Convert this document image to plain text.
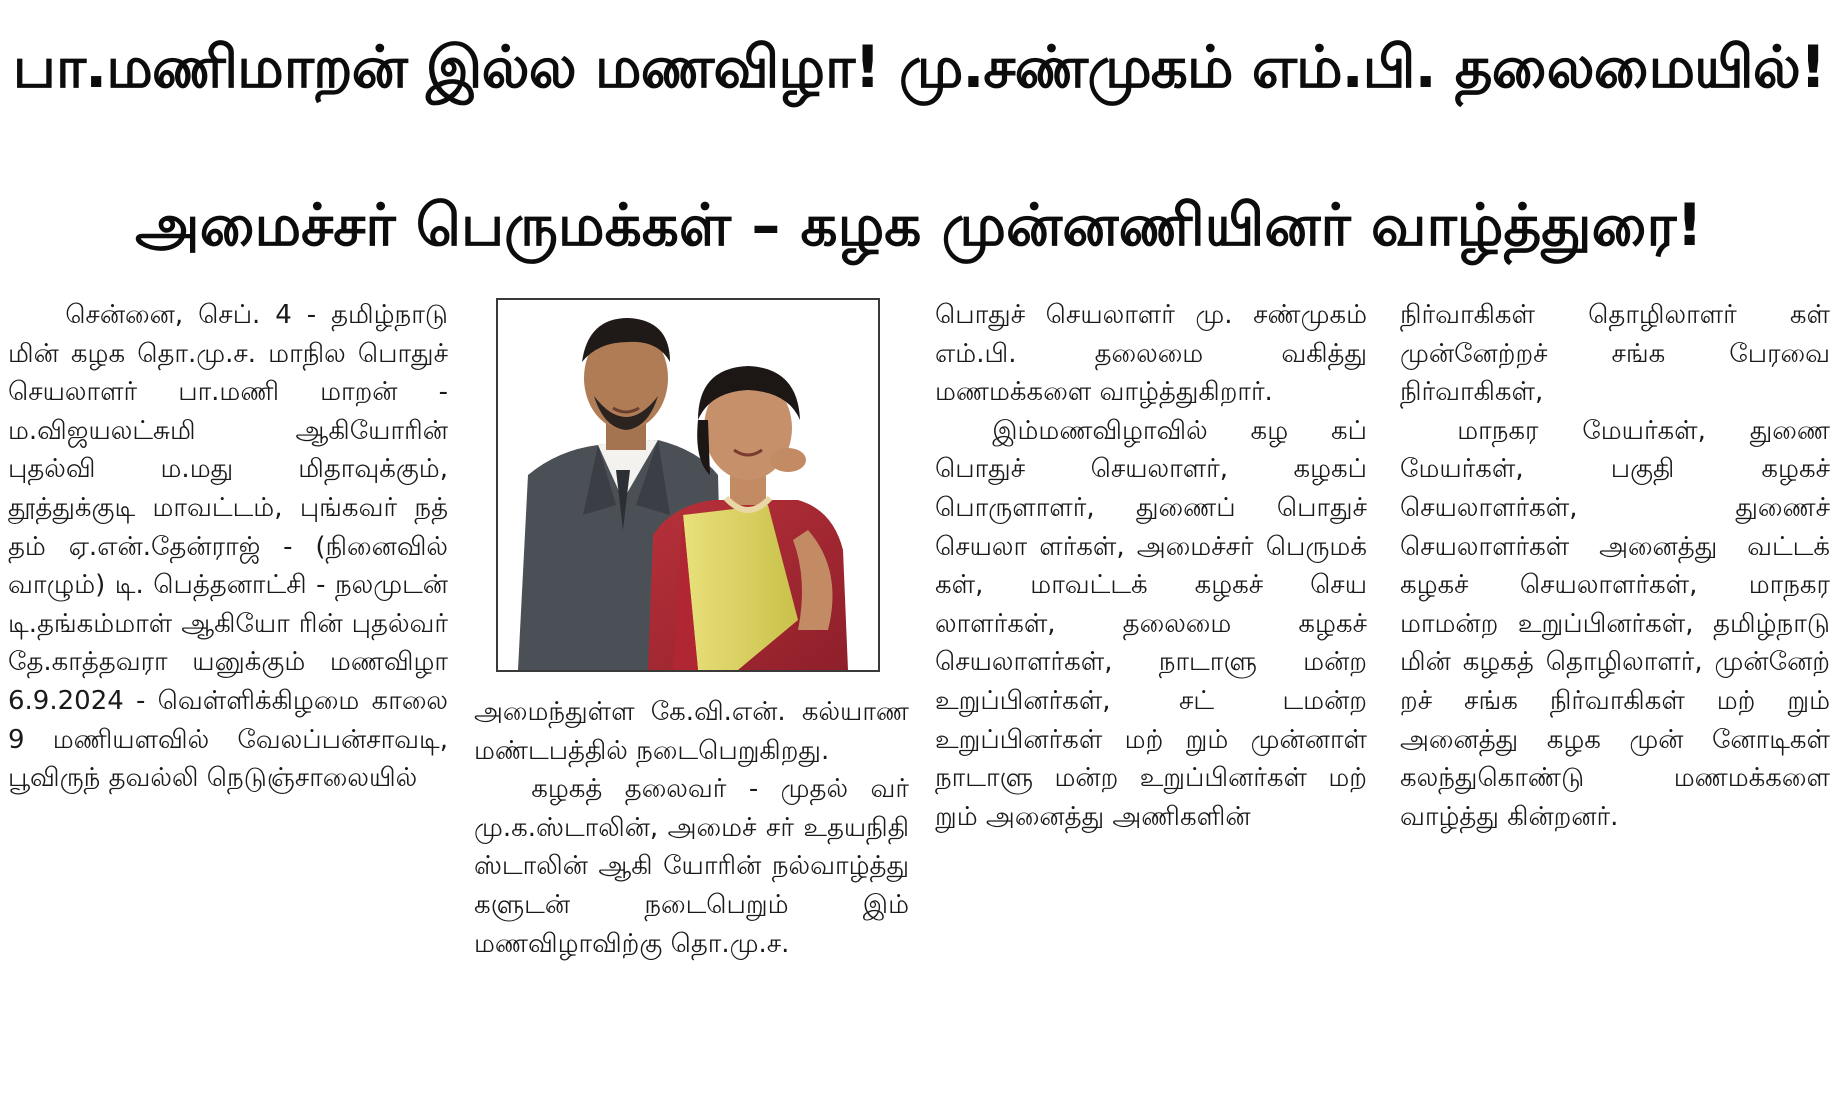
பா.மணிமாறன் இல்ல மணவிழா! மு.சண்முகம் எம்.பி. தலைமையில்!
அமைச்சர் பெருமக்கள் – கழக முன்னணியினர் வாழ்த்துரை!

சென்னை, செப். 4 - தமிழ்நாடு மின் கழக தொ.மு.ச. மாநில பொதுச் செயலாளர் பா.மணி மாறன் - ம.விஜயலட்சுமி ஆகியோரின் புதல்வி ம.மது மிதாவுக்கும், தூத்துக்குடி மாவட்டம், புங்கவர் நத் தம் ஏ.என்.தேன்ராஜ் - (நினைவில் வாழும்) டி. பெத்தனாட்சி - நலமுடன் டி.தங்கம்மாள் ஆகியோ ரின் புதல்வர் தே.காத்தவரா யனுக்கும் மணவிழா 6.9.2024 - வெள்ளிக்கிழமை காலை 9 மணியளவில் வேலப்பன்சாவடி, பூவிருந் தவல்லி நெடுஞ்சாலையில்

அமைந்துள்ள கே.வி.என். கல்யாண மண்டபத்தில் நடைபெறுகிறது.

கழகத் தலைவர் - முதல் வர் மு.க.ஸ்டாலின், அமைச் சர் உதயநிதி ஸ்டாலின் ஆகி யோரின் நல்வாழ்த்து களுடன் நடைபெறும் இம் மணவிழாவிற்கு தொ.மு.ச.

பொதுச் செயலாளர் மு. சண்முகம் எம்.பி. தலைமை வகித்து மணமக்களை வாழ்த்துகிறார்.

இம்மணவிழாவில் கழ கப் பொதுச் செயலாளர், கழகப் பொருளாளர், துணைப் பொதுச் செயலா ளர்கள், அமைச்சர் பெருமக் கள், மாவட்டக் கழகச் செய லாளர்கள், தலைமை கழகச் செயலாளர்கள், நாடாளு மன்ற உறுப்பினர்கள், சட் டமன்ற உறுப்பினர்கள் மற் றும் முன்னாள் நாடாளு மன்ற உறுப்பினர்கள் மற் றும் அனைத்து அணிகளின்

நிர்வாகிகள் தொழிலாளர் கள் முன்னேற்றச் சங்க பேரவை நிர்வாகிகள்,

மாநகர மேயர்கள், துணை மேயர்கள், பகுதி கழகச் செயலாளர்கள், துணைச் செயலாளர்கள் அனைத்து வட்டக் கழகச் செயலாளர்கள், மாநகர மாமன்ற உறுப்பினர்கள், தமிழ்நாடு மின் கழகத் தொழிலாளர், முன்னேற் றச் சங்க நிர்வாகிகள் மற் றும் அனைத்து கழக முன் னோடிகள் கலந்துகொண்டு மணமக்களை வாழ்த்து கின்றனர்.
